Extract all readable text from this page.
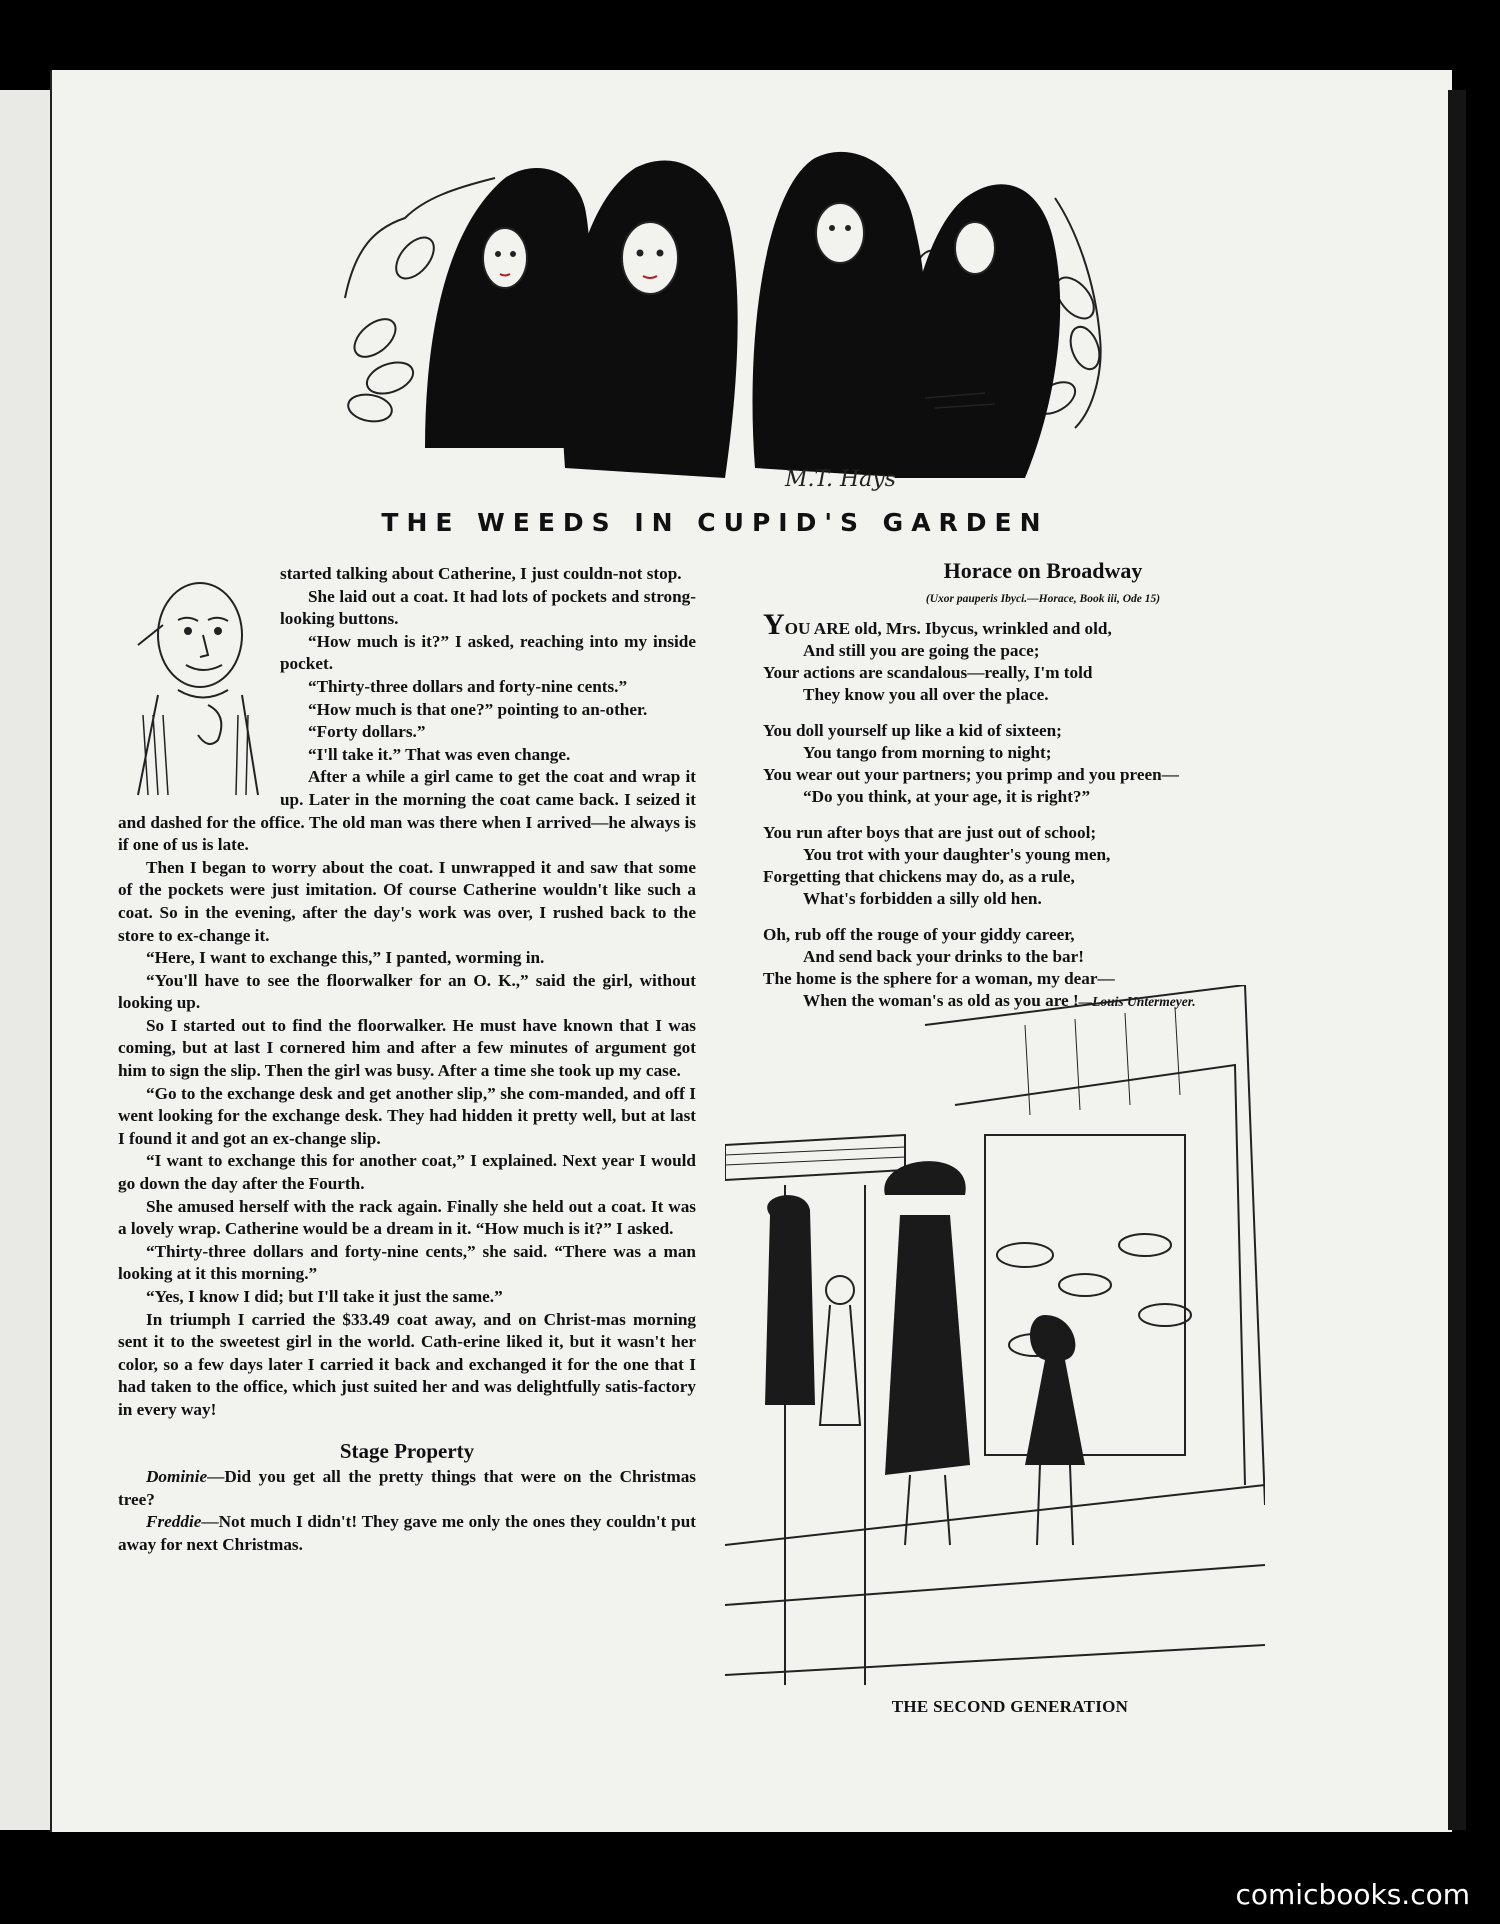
M.T. Hays
THE WEEDS IN CUPID'S GARDEN

started talking about Catherine, I just couldn-not stop.

She laid out a coat. It had lots of pockets and strong-looking buttons.

“How much is it?” I asked, reaching into my inside pocket.

“Thirty-three dollars and forty-nine cents.”

“How much is that one?” pointing to an-other.

“Forty dollars.”

“I'll take it.” That was even change.

After a while a girl came to get the coat and wrap it up. Later in the morning the coat came back. I seized it and dashed for the office. The old man was there when I arrived—he always is if one of us is late.

Then I began to worry about the coat. I unwrapped it and saw that some of the pockets were just imitation. Of course Catherine wouldn't like such a coat. So in the evening, after the day's work was over, I rushed back to the store to ex-change it.

“Here, I want to exchange this,” I panted, worming in.

“You'll have to see the floorwalker for an O. K.,” said the girl, without looking up.

So I started out to find the floorwalker. He must have known that I was coming, but at last I cornered him and after a few minutes of argument got him to sign the slip. Then the girl was busy. After a time she took up my case.

“Go to the exchange desk and get another slip,” she com-manded, and off I went looking for the exchange desk. They had hidden it pretty well, but at last I found it and got an ex-change slip.

“I want to exchange this for another coat,” I explained. Next year I would go down the day after the Fourth.

She amused herself with the rack again. Finally she held out a coat. It was a lovely wrap. Catherine would be a dream in it. “How much is it?” I asked.

“Thirty-three dollars and forty-nine cents,” she said. “There was a man looking at it this morning.”

“Yes, I know I did; but I'll take it just the same.”

In triumph I carried the $33.49 coat away, and on Christ-mas morning sent it to the sweetest girl in the world. Cath-erine liked it, but it wasn't her color, so a few days later I carried it back and exchanged it for the one that I had taken to the office, which just suited her and was delightfully satis-factory in every way!

Stage Property

Dominie—Did you get all the pretty things that were on the Christmas tree?

Freddie—Not much I didn't! They gave me only the ones they couldn't put away for next Christmas.

Horace on Broadway
(Uxor pauperis Ibyci.—Horace, Book iii, Ode 15)
YOU ARE old, Mrs. Ibycus, wrinkled and old,
And still you are going the pace;
Your actions are scandalous—really, I'm told
They know you all over the place.
You doll yourself up like a kid of sixteen;
You tango from morning to night;
You wear out your partners; you primp and you preen—
“Do you think, at your age, it is right?”
You run after boys that are just out of school;
You trot with your daughter's young men,
Forgetting that chickens may do, as a rule,
What's forbidden a silly old hen.
Oh, rub off the rouge of your giddy career,
And send back your drinks to the bar!
The home is the sphere for a woman, my dear—
When the woman's as old as you are !—Louis Untermeyer.
THE SECOND GENERATION
comicbooks.com
